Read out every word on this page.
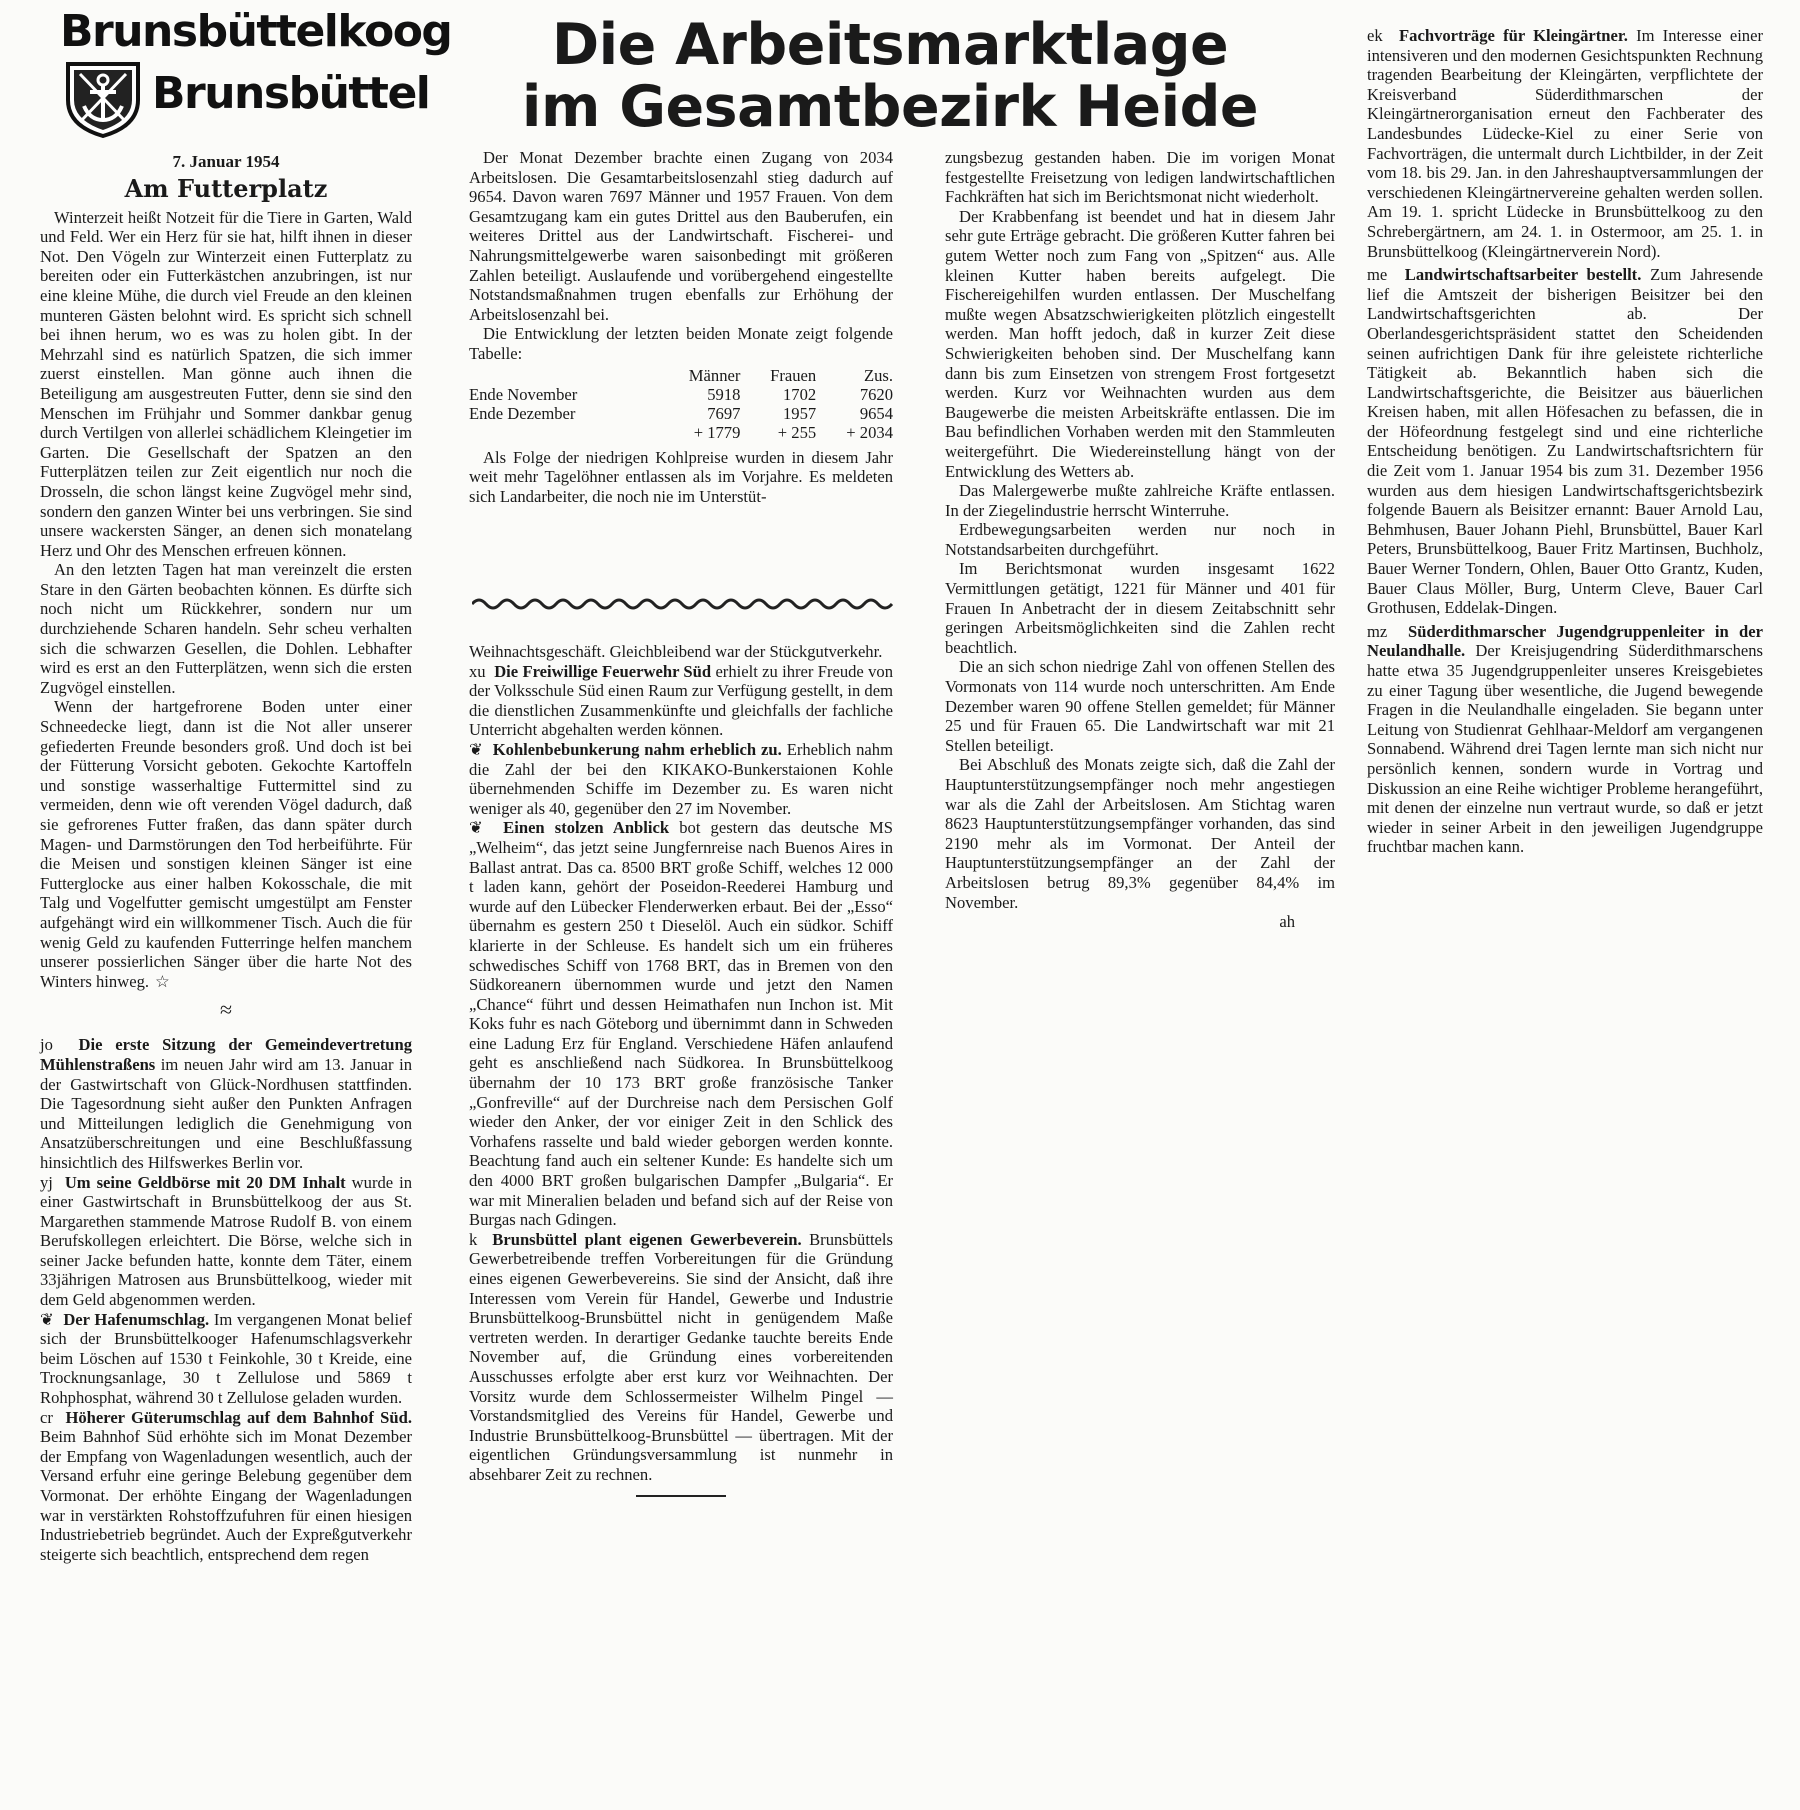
Brunsbüttelkoog
Brunsbüttel
Die Arbeitsmarktlage
im Gesamtbezirk Heide
7. Januar 1954
Am Futterplatz

Winterzeit heißt Notzeit für die Tiere in Garten, Wald und Feld. Wer ein Herz für sie hat, hilft ihnen in dieser Not. Den Vögeln zur Winterzeit einen Futterplatz zu bereiten oder ein Futterkästchen anzubringen, ist nur eine kleine Mühe, die durch viel Freude an den kleinen munteren Gästen belohnt wird. Es spricht sich schnell bei ihnen herum, wo es was zu holen gibt. In der Mehrzahl sind es natürlich Spatzen, die sich immer zuerst einstellen. Man gönne auch ihnen die Beteiligung am ausgestreuten Futter, denn sie sind den Menschen im Frühjahr und Sommer dankbar genug durch Vertilgen von allerlei schädlichem Kleingetier im Garten. Die Gesellschaft der Spatzen an den Futterplätzen teilen zur Zeit eigentlich nur noch die Drosseln, die schon längst keine Zugvögel mehr sind, sondern den ganzen Winter bei uns verbringen. Sie sind unsere wackersten Sänger, an denen sich monatelang Herz und Ohr des Menschen erfreuen können.

An den letzten Tagen hat man vereinzelt die ersten Stare in den Gärten beobachten können. Es dürfte sich noch nicht um Rückkehrer, sondern nur um durchziehende Scharen handeln. Sehr scheu verhalten sich die schwarzen Gesellen, die Dohlen. Lebhafter wird es erst an den Futterplätzen, wenn sich die ersten Zugvögel einstellen.

Wenn der hartgefrorene Boden unter einer Schneedecke liegt, dann ist die Not aller unserer gefiederten Freunde besonders groß. Und doch ist bei der Fütterung Vorsicht geboten. Gekochte Kartoffeln und sonstige wasserhaltige Futtermittel sind zu vermeiden, denn wie oft verenden Vögel dadurch, daß sie gefrorenes Futter fraßen, das dann später durch Magen- und Darmstörungen den Tod herbeiführte. Für die Meisen und sonstigen kleinen Sänger ist eine Futterglocke aus einer halben Kokosschale, die mit Talg und Vogelfutter gemischt umgestülpt am Fenster aufgehängt wird ein willkommener Tisch. Auch die für wenig Geld zu kaufenden Futterringe helfen manchem unserer possierlichen Sänger über die harte Not des Winters hinweg. ☆

≈

jo Die erste Sitzung der Gemeindevertretung Mühlenstraßens im neuen Jahr wird am 13. Januar in der Gastwirtschaft von Glück-Nordhusen stattfinden. Die Tagesordnung sieht außer den Punkten Anfragen und Mitteilungen lediglich die Genehmigung von Ansatzüberschreitungen und eine Beschlußfassung hinsichtlich des Hilfswerkes Berlin vor.

yj Um seine Geldbörse mit 20 DM Inhalt wurde in einer Gastwirtschaft in Brunsbüttelkoog der aus St. Margarethen stammende Matrose Rudolf B. von einem Berufskollegen erleichtert. Die Börse, welche sich in seiner Jacke befunden hatte, konnte dem Täter, einem 33jährigen Matrosen aus Brunsbüttelkoog, wieder mit dem Geld abgenommen werden.

❦ Der Hafenumschlag. Im vergangenen Monat belief sich der Brunsbüttelkooger Hafenumschlagsverkehr beim Löschen auf 1530 t Feinkohle, 30 t Kreide, eine Trocknungsanlage, 30 t Zellulose und 5869 t Rohphosphat, während 30 t Zellulose geladen wurden.

cr Höherer Güterumschlag auf dem Bahnhof Süd. Beim Bahnhof Süd erhöhte sich im Monat Dezember der Empfang von Wagenladungen wesentlich, auch der Versand erfuhr eine geringe Belebung gegenüber dem Vormonat. Der erhöhte Eingang der Wagenladungen war in verstärkten Rohstoffzufuhren für einen hiesigen Industriebetrieb begründet. Auch der Expreßgutverkehr steigerte sich beachtlich, entsprechend dem regen

Der Monat Dezember brachte einen Zugang von 2034 Arbeitslosen. Die Gesamtarbeitslosenzahl stieg dadurch auf 9654. Davon waren 7697 Männer und 1957 Frauen. Von dem Gesamtzugang kam ein gutes Drittel aus den Bauberufen, ein weiteres Drittel aus der Landwirtschaft. Fischerei- und Nahrungsmittelgewerbe waren saisonbedingt mit größeren Zahlen beteiligt. Auslaufende und vorübergehend eingestellte Notstandsmaßnahmen trugen ebenfalls zur Erhöhung der Arbeitslosenzahl bei.

Die Entwicklung der letzten beiden Monate zeigt folgende Tabelle:

	Männer	Frauen	Zus.
Ende November	5918	1702	7620
Ende Dezember	7697	1957	9654
	+ 1779	+ 255	+ 2034

Als Folge der niedrigen Kohlpreise wurden in diesem Jahr weit mehr Tagelöhner entlassen als im Vorjahre. Es meldeten sich Landarbeiter, die noch nie im Unterstüt-

zungsbezug gestanden haben. Die im vorigen Monat festgestellte Freisetzung von ledigen landwirtschaftlichen Fachkräften hat sich im Berichtsmonat nicht wiederholt.

Der Krabbenfang ist beendet und hat in diesem Jahr sehr gute Erträge gebracht. Die größeren Kutter fahren bei gutem Wetter noch zum Fang von „Spitzen“ aus. Alle kleinen Kutter haben bereits aufgelegt. Die Fischereigehilfen wurden entlassen. Der Muschelfang mußte wegen Absatzschwierigkeiten plötzlich eingestellt werden. Man hofft jedoch, daß in kurzer Zeit diese Schwierigkeiten behoben sind. Der Muschelfang kann dann bis zum Einsetzen von strengem Frost fortgesetzt werden. Kurz vor Weihnachten wurden aus dem Baugewerbe die meisten Arbeitskräfte entlassen. Die im Bau befindlichen Vorhaben werden mit den Stammleuten weitergeführt. Die Wiedereinstellung hängt von der Entwicklung des Wetters ab.

Das Malergewerbe mußte zahlreiche Kräfte entlassen. In der Ziegelindustrie herrscht Winterruhe.

Erdbewegungsarbeiten werden nur noch in Notstandsarbeiten durchgeführt.

Im Berichtsmonat wurden insgesamt 1622 Vermittlungen getätigt, 1221 für Männer und 401 für Frauen In Anbetracht der in diesem Zeitabschnitt sehr geringen Arbeitsmöglichkeiten sind die Zahlen recht beachtlich.

Die an sich schon niedrige Zahl von offenen Stellen des Vormonats von 114 wurde noch unterschritten. Am Ende Dezember waren 90 offene Stellen gemeldet; für Männer 25 und für Frauen 65. Die Landwirtschaft war mit 21 Stellen beteiligt.

Bei Abschluß des Monats zeigte sich, daß die Zahl der Hauptunterstützungsempfänger noch mehr angestiegen war als die Zahl der Arbeitslosen. Am Stichtag waren 8623 Hauptunterstützungsempfänger vorhanden, das sind 2190 mehr als im Vormonat. Der Anteil der Hauptunterstützungsempfänger an der Zahl der Arbeitslosen betrug 89,3% gegenüber 84,4% im November.

ah

Weihnachtsgeschäft. Gleichbleibend war der Stückgutverkehr.

xu Die Freiwillige Feuerwehr Süd erhielt zu ihrer Freude von der Volksschule Süd einen Raum zur Verfügung gestellt, in dem die dienstlichen Zusammenkünfte und gleichfalls der fachliche Unterricht abgehalten werden können.

❦ Kohlenbebunkerung nahm erheblich zu. Erheblich nahm die Zahl der bei den KIKAKO-Bunkerstaionen Kohle übernehmenden Schiffe im Dezember zu. Es waren nicht weniger als 40, gegenüber den 27 im November.

❦ Einen stolzen Anblick bot gestern das deutsche MS „Welheim“, das jetzt seine Jungfernreise nach Buenos Aires in Ballast antrat. Das ca. 8500 BRT große Schiff, welches 12 000 t laden kann, gehört der Poseidon-Reederei Hamburg und wurde auf den Lübecker Flenderwerken erbaut. Bei der „Esso“ übernahm es gestern 250 t Dieselöl. Auch ein südkor. Schiff klarierte in der Schleuse. Es handelt sich um ein früheres schwedisches Schiff von 1768 BRT, das in Bremen von den Südkoreanern übernommen wurde und jetzt den Namen „Chance“ führt und dessen Heimathafen nun Inchon ist. Mit Koks fuhr es nach Göteborg und übernimmt dann in Schweden eine Ladung Erz für England. Verschiedene Häfen anlaufend geht es anschließend nach Südkorea. In Brunsbüttelkoog übernahm der 10 173 BRT große französische Tanker „Gonfreville“ auf der Durchreise nach dem Persischen Golf wieder den Anker, der vor einiger Zeit in den Schlick des Vorhafens rasselte und bald wieder geborgen werden konnte. Beachtung fand auch ein seltener Kunde: Es handelte sich um den 4000 BRT großen bulgarischen Dampfer „Bulgaria“. Er war mit Mineralien beladen und befand sich auf der Reise von Burgas nach Gdingen.

k Brunsbüttel plant eigenen Gewerbeverein. Brunsbüttels Gewerbetreibende treffen Vorbereitungen für die Gründung eines eigenen Gewerbevereins. Sie sind der Ansicht, daß ihre Interessen vom Verein für Handel, Gewerbe und Industrie Brunsbüttelkoog-Brunsbüttel nicht in genügendem Maße vertreten werden. In derartiger Gedanke tauchte bereits Ende November auf, die Gründung eines vorbereitenden Ausschusses erfolgte aber erst kurz vor Weihnachten. Der Vorsitz wurde dem Schlossermeister Wilhelm Pingel — Vorstandsmitglied des Vereins für Handel, Gewerbe und Industrie Brunsbüttelkoog-Brunsbüttel — übertragen. Mit der eigentlichen Gründungsversammlung ist nunmehr in absehbarer Zeit zu rechnen.

ek Fachvorträge für Kleingärtner. Im Interesse einer intensiveren und den modernen Gesichtspunkten Rechnung tragenden Bearbeitung der Kleingärten, verpflichtete der Kreisverband Süderdithmarschen der Kleingärtnerorganisation erneut den Fachberater des Landesbundes Lüdecke-Kiel zu einer Serie von Fachvorträgen, die untermalt durch Lichtbilder, in der Zeit vom 18. bis 29. Jan. in den Jahreshauptversammlungen der verschiedenen Kleingärtnervereine gehalten werden sollen. Am 19. 1. spricht Lüdecke in Brunsbüttelkoog zu den Schrebergärtnern, am 24. 1. in Ostermoor, am 25. 1. in Brunsbüttelkoog (Kleingärtnerverein Nord).

me Landwirtschaftsarbeiter bestellt. Zum Jahresende lief die Amtszeit der bisherigen Beisitzer bei den Landwirtschaftsgerichten ab. Der Oberlandesgerichtspräsident stattet den Scheidenden seinen aufrichtigen Dank für ihre geleistete richterliche Tätigkeit ab. Bekanntlich haben sich die Landwirtschaftsgerichte, die Beisitzer aus bäuerlichen Kreisen haben, mit allen Höfesachen zu befassen, die in der Höfeordnung festgelegt sind und eine richterliche Entscheidung benötigen. Zu Landwirtschaftsrichtern für die Zeit vom 1. Januar 1954 bis zum 31. Dezember 1956 wurden aus dem hiesigen Landwirtschaftsgerichtsbezirk folgende Bauern als Beisitzer ernannt: Bauer Arnold Lau, Behmhusen, Bauer Johann Piehl, Brunsbüttel, Bauer Karl Peters, Brunsbüttelkoog, Bauer Fritz Martinsen, Buchholz, Bauer Werner Tondern, Ohlen, Bauer Otto Grantz, Kuden, Bauer Claus Möller, Burg, Unterm Cleve, Bauer Carl Grothusen, Eddelak-Dingen.

mz Süderdithmarscher Jugendgruppenleiter in der Neulandhalle. Der Kreisjugendring Süderdithmarschens hatte etwa 35 Jugendgruppenleiter unseres Kreisgebietes zu einer Tagung über wesentliche, die Jugend bewegende Fragen in die Neulandhalle eingeladen. Sie begann unter Leitung von Studienrat Gehlhaar-Meldorf am vergangenen Sonnabend. Während drei Tagen lernte man sich nicht nur persönlich kennen, sondern wurde in Vortrag und Diskussion an eine Reihe wichtiger Probleme herangeführt, mit denen der einzelne nun vertraut wurde, so daß er jetzt wieder in seiner Arbeit in den jeweiligen Jugendgruppe fruchtbar machen kann.
